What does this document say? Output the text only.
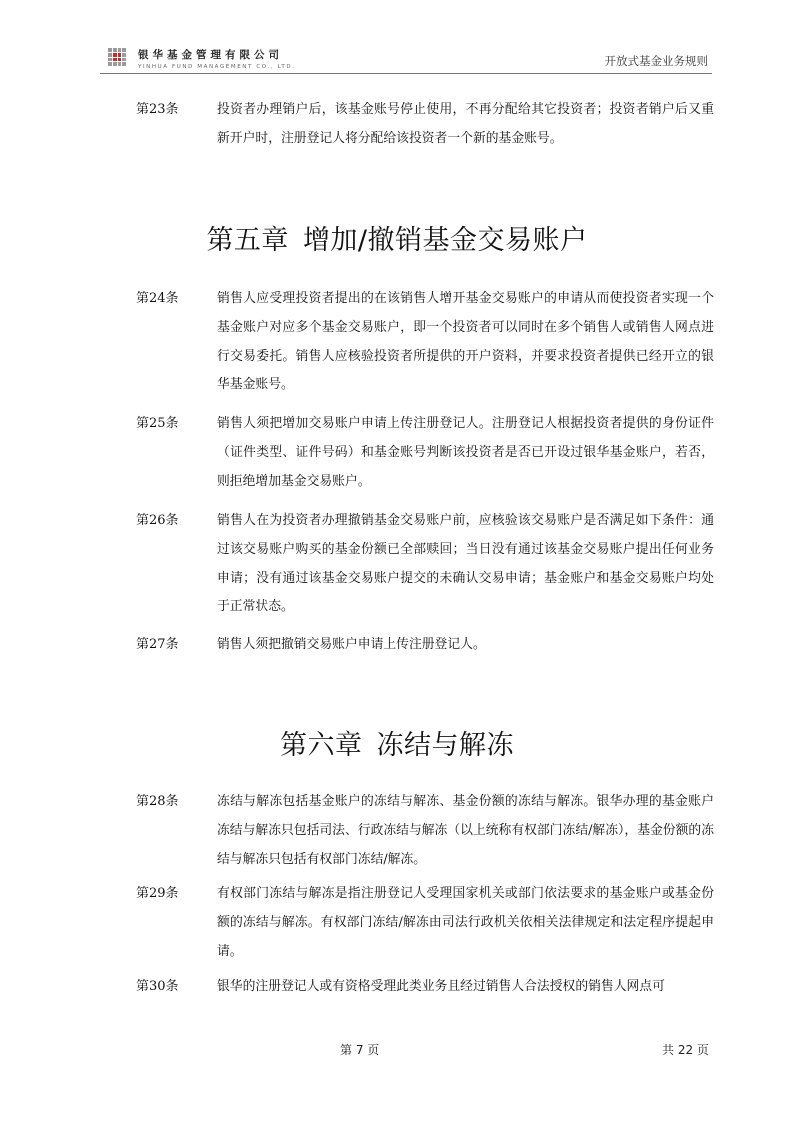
银华基金管理有限公司
YINHUA FUND MANAGEMENT CO., LTD.	开放式基金业务规则
第23条	投资者办理销户后，该基金账号停止使用，不再分配给其它投资者；投资者销户后又重新开户时，注册登记人将分配给该投资者一个新的基金账号。
第五章 增加/撤销基金交易账户
第24条	销售人应受理投资者提出的在该销售人增开基金交易账户的申请从而使投资者实现一个基金账户对应多个基金交易账户，即一个投资者可以同时在多个销售人或销售人网点进行交易委托。销售人应核验投资者所提供的开户资料，并要求投资者提供已经开立的银华基金账号。
第25条	销售人须把增加交易账户申请上传注册登记人。注册登记人根据投资者提供的身份证件（证件类型、证件号码）和基金账号判断该投资者是否已开设过银华基金账户，若否，则拒绝增加基金交易账户。
第26条	销售人在为投资者办理撤销基金交易账户前，应核验该交易账户是否满足如下条件：通过该交易账户购买的基金份额已全部赎回；当日没有通过该基金交易账户提出任何业务申请；没有通过该基金交易账户提交的未确认交易申请；基金账户和基金交易账户均处于正常状态。
第27条	销售人须把撤销交易账户申请上传注册登记人。
第六章 冻结与解冻
第28条	冻结与解冻包括基金账户的冻结与解冻、基金份额的冻结与解冻。银华办理的基金账户冻结与解冻只包括司法、行政冻结与解冻（以上统称有权部门冻结/解冻），基金份额的冻结与解冻只包括有权部门冻结/解冻。
第29条	有权部门冻结与解冻是指注册登记人受理国家机关或部门依法要求的基金账户或基金份额的冻结与解冻。有权部门冻结/解冻由司法行政机关依相关法律规定和法定程序提起申请。
第30条	银华的注册登记人或有资格受理此类业务且经过销售人合法授权的销售人网点可
第 7 页	共 22 页
